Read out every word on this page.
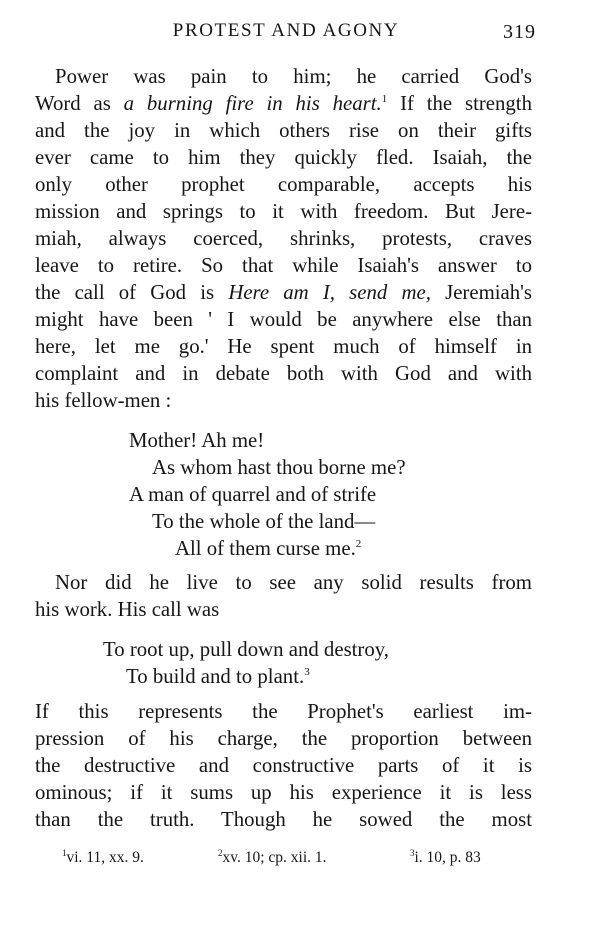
PROTEST AND AGONY	319
Power was pain to him; he carried God's
Word as a burning fire in his heart.$^1$ If the strength
and the joy in which others rise on their gifts
ever came to him they quickly fled. Isaiah, the
only other prophet comparable, accepts his
mission and springs to it with freedom. But Jere-
miah, always coerced, shrinks, protests, craves
leave to retire. So that while Isaiah's answer to
the call of God is Here am I, send me, Jeremiah's
might have been ' I would be anywhere else than
here, let me go.' He spent much of himself in
complaint and in debate both with God and with
his fellow-men :
Mother! Ah me!
As whom hast thou borne me?
A man of quarrel and of strife
To the whole of the land—
All of them curse me.$^2$
Nor did he live to see any solid results from
his work. His call was
To root up, pull down and destroy,
To build and to plant.$^3$
If this represents the Prophet's earliest im-
pression of his charge, the proportion between
the destructive and constructive parts of it is
ominous; if it sums up his experience it is less
than the truth. Though he sowed the most
$^1$vi. 11, xx. 9.	$^2$xv. 10; cp. xii. 1.	$^3$i. 10, p. 83
